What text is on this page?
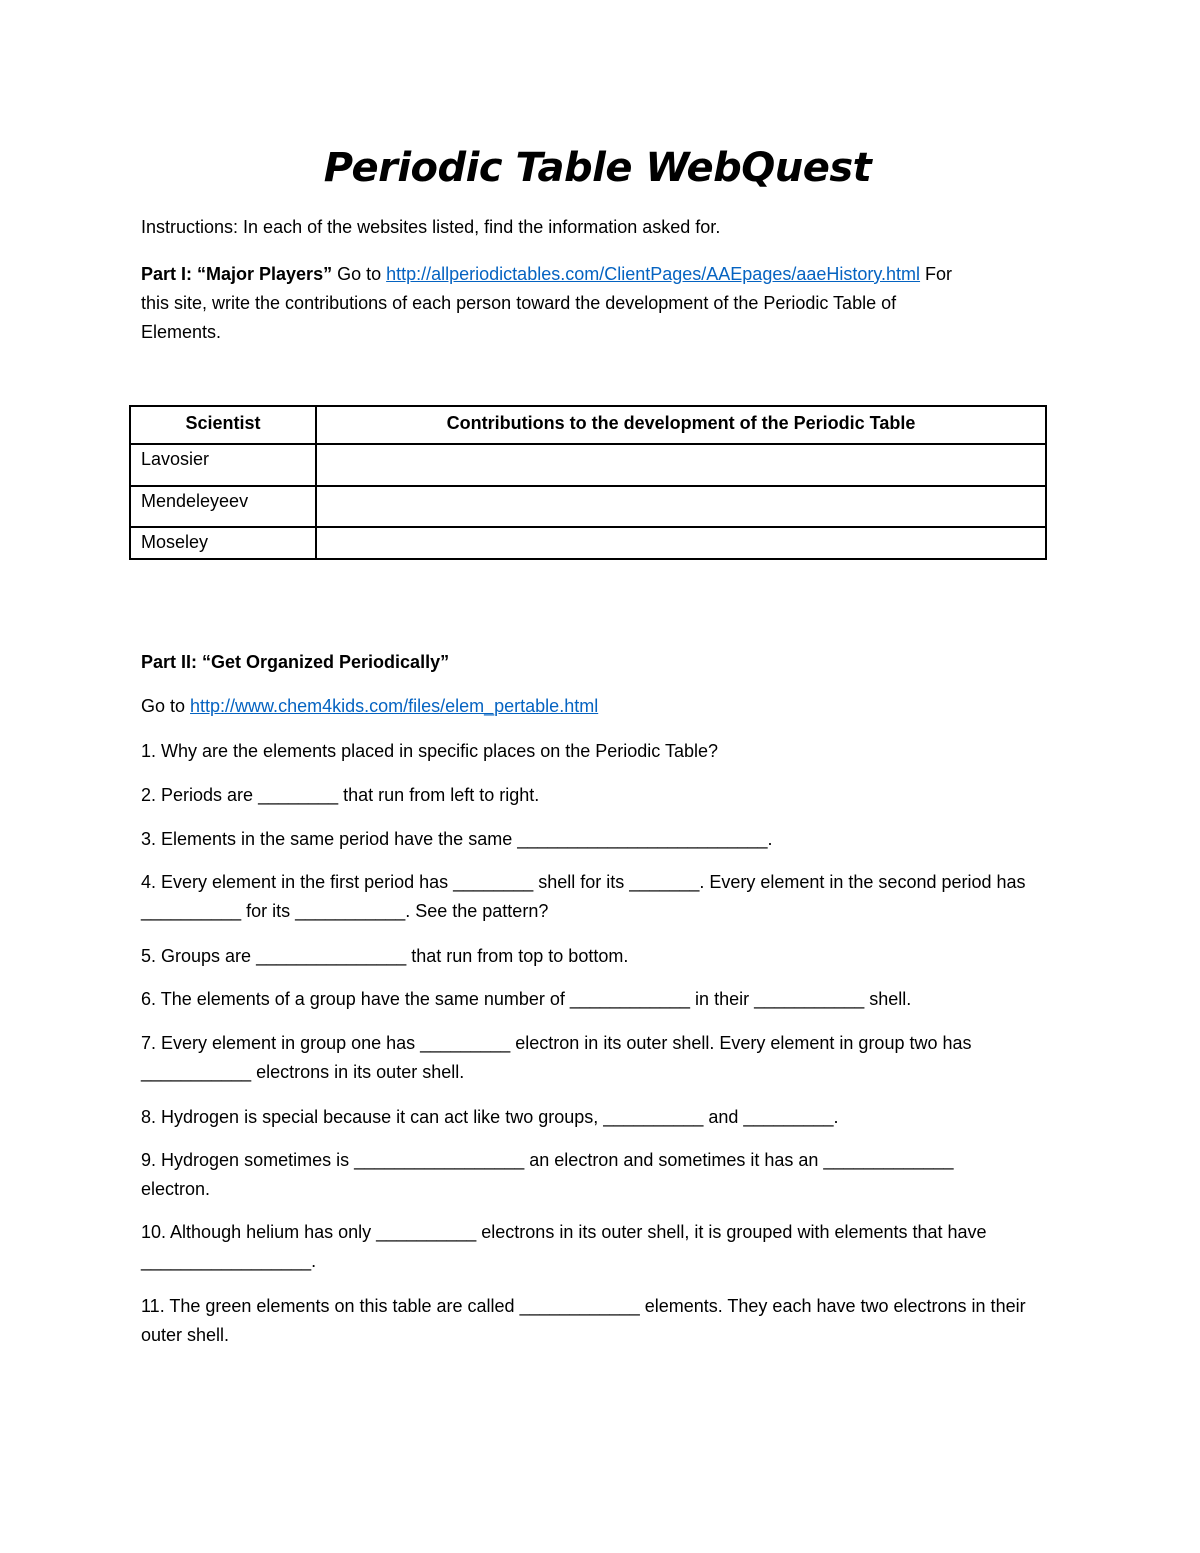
Periodic Table WebQuest
Instructions: In each of the websites listed, find the information asked for.
Part I: “Major Players” Go to http://allperiodictables.com/ClientPages/AAEpages/aaeHistory.html For
this site, write the contributions of each person toward the development of the Periodic Table of
Elements.
Scientist	Contributions to the development of the Periodic Table
Lavosier	
Mendeleyeev	
Moseley	
Part II: “Get Organized Periodically”
Go to http://www.chem4kids.com/files/elem_pertable.html
1. Why are the elements placed in specific places on the Periodic Table?
2. Periods are ________ that run from left to right.
3. Elements in the same period have the same _________________________.
4. Every element in the first period has ________ shell for its _______. Every element in the second period has __________ for its ___________. See the pattern?
5. Groups are _______________ that run from top to bottom.
6. The elements of a group have the same number of ____________ in their ___________ shell.
7. Every element in group one has _________ electron in its outer shell. Every element in group two has ___________ electrons in its outer shell.
8. Hydrogen is special because it can act like two groups, __________ and _________.
9. Hydrogen sometimes is _________________ an electron and sometimes it has an _____________ electron.
10. Although helium has only __________ electrons in its outer shell, it is grouped with elements that have _________________.
11. The green elements on this table are called ____________ elements. They each have two electrons in their outer shell.
